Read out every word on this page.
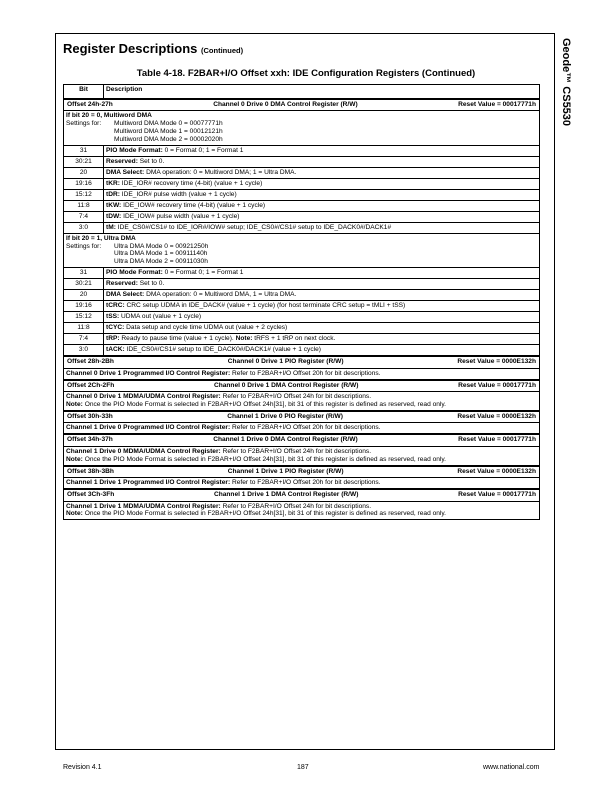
Geode™ CS5530
Register Descriptions (Continued)
Table 4-18. F2BAR+I/O Offset xxh: IDE Configuration Registers (Continued)
Bit	Description

Offset 24h-27h Channel 0 Drive 0 DMA Control Register (R/W) Reset Value = 00017771h	

If bit 20 = 0, Multiword DMA
Settings for: Multiword DMA Mode 0 = 00077771h
Multiword DMA Mode 1 = 00012121h
Multiword DMA Mode 2 = 00002020h	

31	PIO Mode Format: 0 = Format 0; 1 = Format 1
30:21	Reserved: Set to 0.
20	DMA Select: DMA operation: 0 = Multiword DMA; 1 = Ultra DMA.
19:16	tKR: IDE_IOR# recovery time (4-bit) (value + 1 cycle)
15:12	tDR: IDE_IOR# pulse width (value + 1 cycle)
11:8	tKW: IDE_IOW# recovery time (4-bit) (value + 1 cycle)
7:4	tDW: IDE_IOW# pulse width (value + 1 cycle)
3:0	tM: IDE_CS0#/CS1# to IDE_IOR#/IOW# setup; IDE_CS0#/CS1# setup to IDE_DACK0#/DACK1#

If bit 20 = 1, Ultra DMA
Settings for: Ultra DMA Mode 0 = 00921250h
Ultra DMA Mode 1 = 00911140h
Ultra DMA Mode 2 = 00911030h	

31	PIO Mode Format: 0 = Format 0; 1 = Format 1
30:21	Reserved: Set to 0.
20	DMA Select: DMA operation: 0 = Multiword DMA, 1 = Ultra DMA.
19:16	tCRC: CRC setup UDMA in IDE_DACK# (value + 1 cycle) (for host terminate CRC setup = tMLI + tSS)
15:12	tSS: UDMA out (value + 1 cycle)
11:8	tCYC: Data setup and cycle time UDMA out (value + 2 cycles)
7:4	tRP: Ready to pause time (value + 1 cycle). Note: tRFS + 1 tRP on next clock.
3:0	tACK: IDE_CS0#/CS1# setup to IDE_DACK0#/DACK1# (value + 1 cycle)

Offset 28h-2Bh Channel 0 Drive 1 PIO Register (R/W) Reset Value = 0000E132h	

Channel 0 Drive 1 Programmed I/O Control Register: Refer to F2BAR+I/O Offset 20h for bit descriptions.	

Offset 2Ch-2Fh Channel 0 Drive 1 DMA Control Register (R/W) Reset Value = 00017771h	

Channel 0 Drive 1 MDMA/UDMA Control Register: Refer to F2BAR+I/O Offset 24h for bit descriptions.
Note: Once the PIO Mode Format is selected in F2BAR+I/O Offset 24h[31], bit 31 of this register is defined as reserved, read only.	

Offset 30h-33h Channel 1 Drive 0 PIO Register (R/W) Reset Value = 0000E132h	

Channel 1 Drive 0 Programmed I/O Control Register: Refer to F2BAR+I/O Offset 20h for bit descriptions.	

Offset 34h-37h Channel 1 Drive 0 DMA Control Register (R/W) Reset Value = 00017771h	

Channel 1 Drive 0 MDMA/UDMA Control Register: Refer to F2BAR+I/O Offset 24h for bit descriptions.
Note: Once the PIO Mode Format is selected in F2BAR+I/O Offset 24h[31], bit 31 of this register is defined as reserved, read only.	

Offset 38h-3Bh Channel 1 Drive 1 PIO Register (R/W) Reset Value = 0000E132h	

Channel 1 Drive 1 Programmed I/O Control Register: Refer to F2BAR+I/O Offset 20h for bit descriptions.	

Offset 3Ch-3Fh Channel 1 Drive 1 DMA Control Register (R/W) Reset Value = 00017771h	

Channel 1 Drive 1 MDMA/UDMA Control Register: Refer to F2BAR+I/O Offset 24h for bit descriptions.
Note: Once the PIO Mode Format is selected in F2BAR+I/O Offset 24h[31], bit 31 of this register is defined as reserved, read only.	
Revision 4.1	187	www.national.com
